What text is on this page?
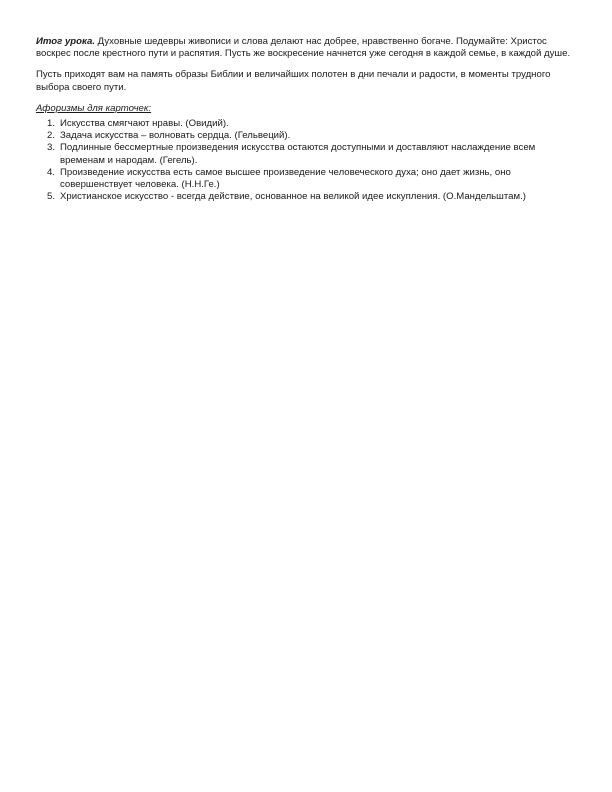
Итог урока. Духовные шедевры живописи и слова делают нас добрее, нравственно богаче. Подумайте: Христос воскрес после крестного пути и распятия. Пусть же воскресение начнется уже сегодня в каждой семье, в каждой душе.

Пусть приходят вам на память образы Библии и величайших полотен в дни печали и радости, в моменты трудного выбора своего пути.

Афоризмы для карточек:

1. Искусства смягчают нравы. (Овидий).
2. Задача искусства – волновать сердца. (Гельвеций).
3. Подлинные бессмертные произведения искусства остаются доступными и доставляют наслаждение всем временам и народам. (Гегель).
4. Произведение искусства есть самое высшее произведение человеческого духа; оно дает жизнь, оно совершенствует человека. (Н.Н.Ге.)
5. Христианское искусство - всегда действие, основанное на великой идее искупления. (О.Мандельштам.)
